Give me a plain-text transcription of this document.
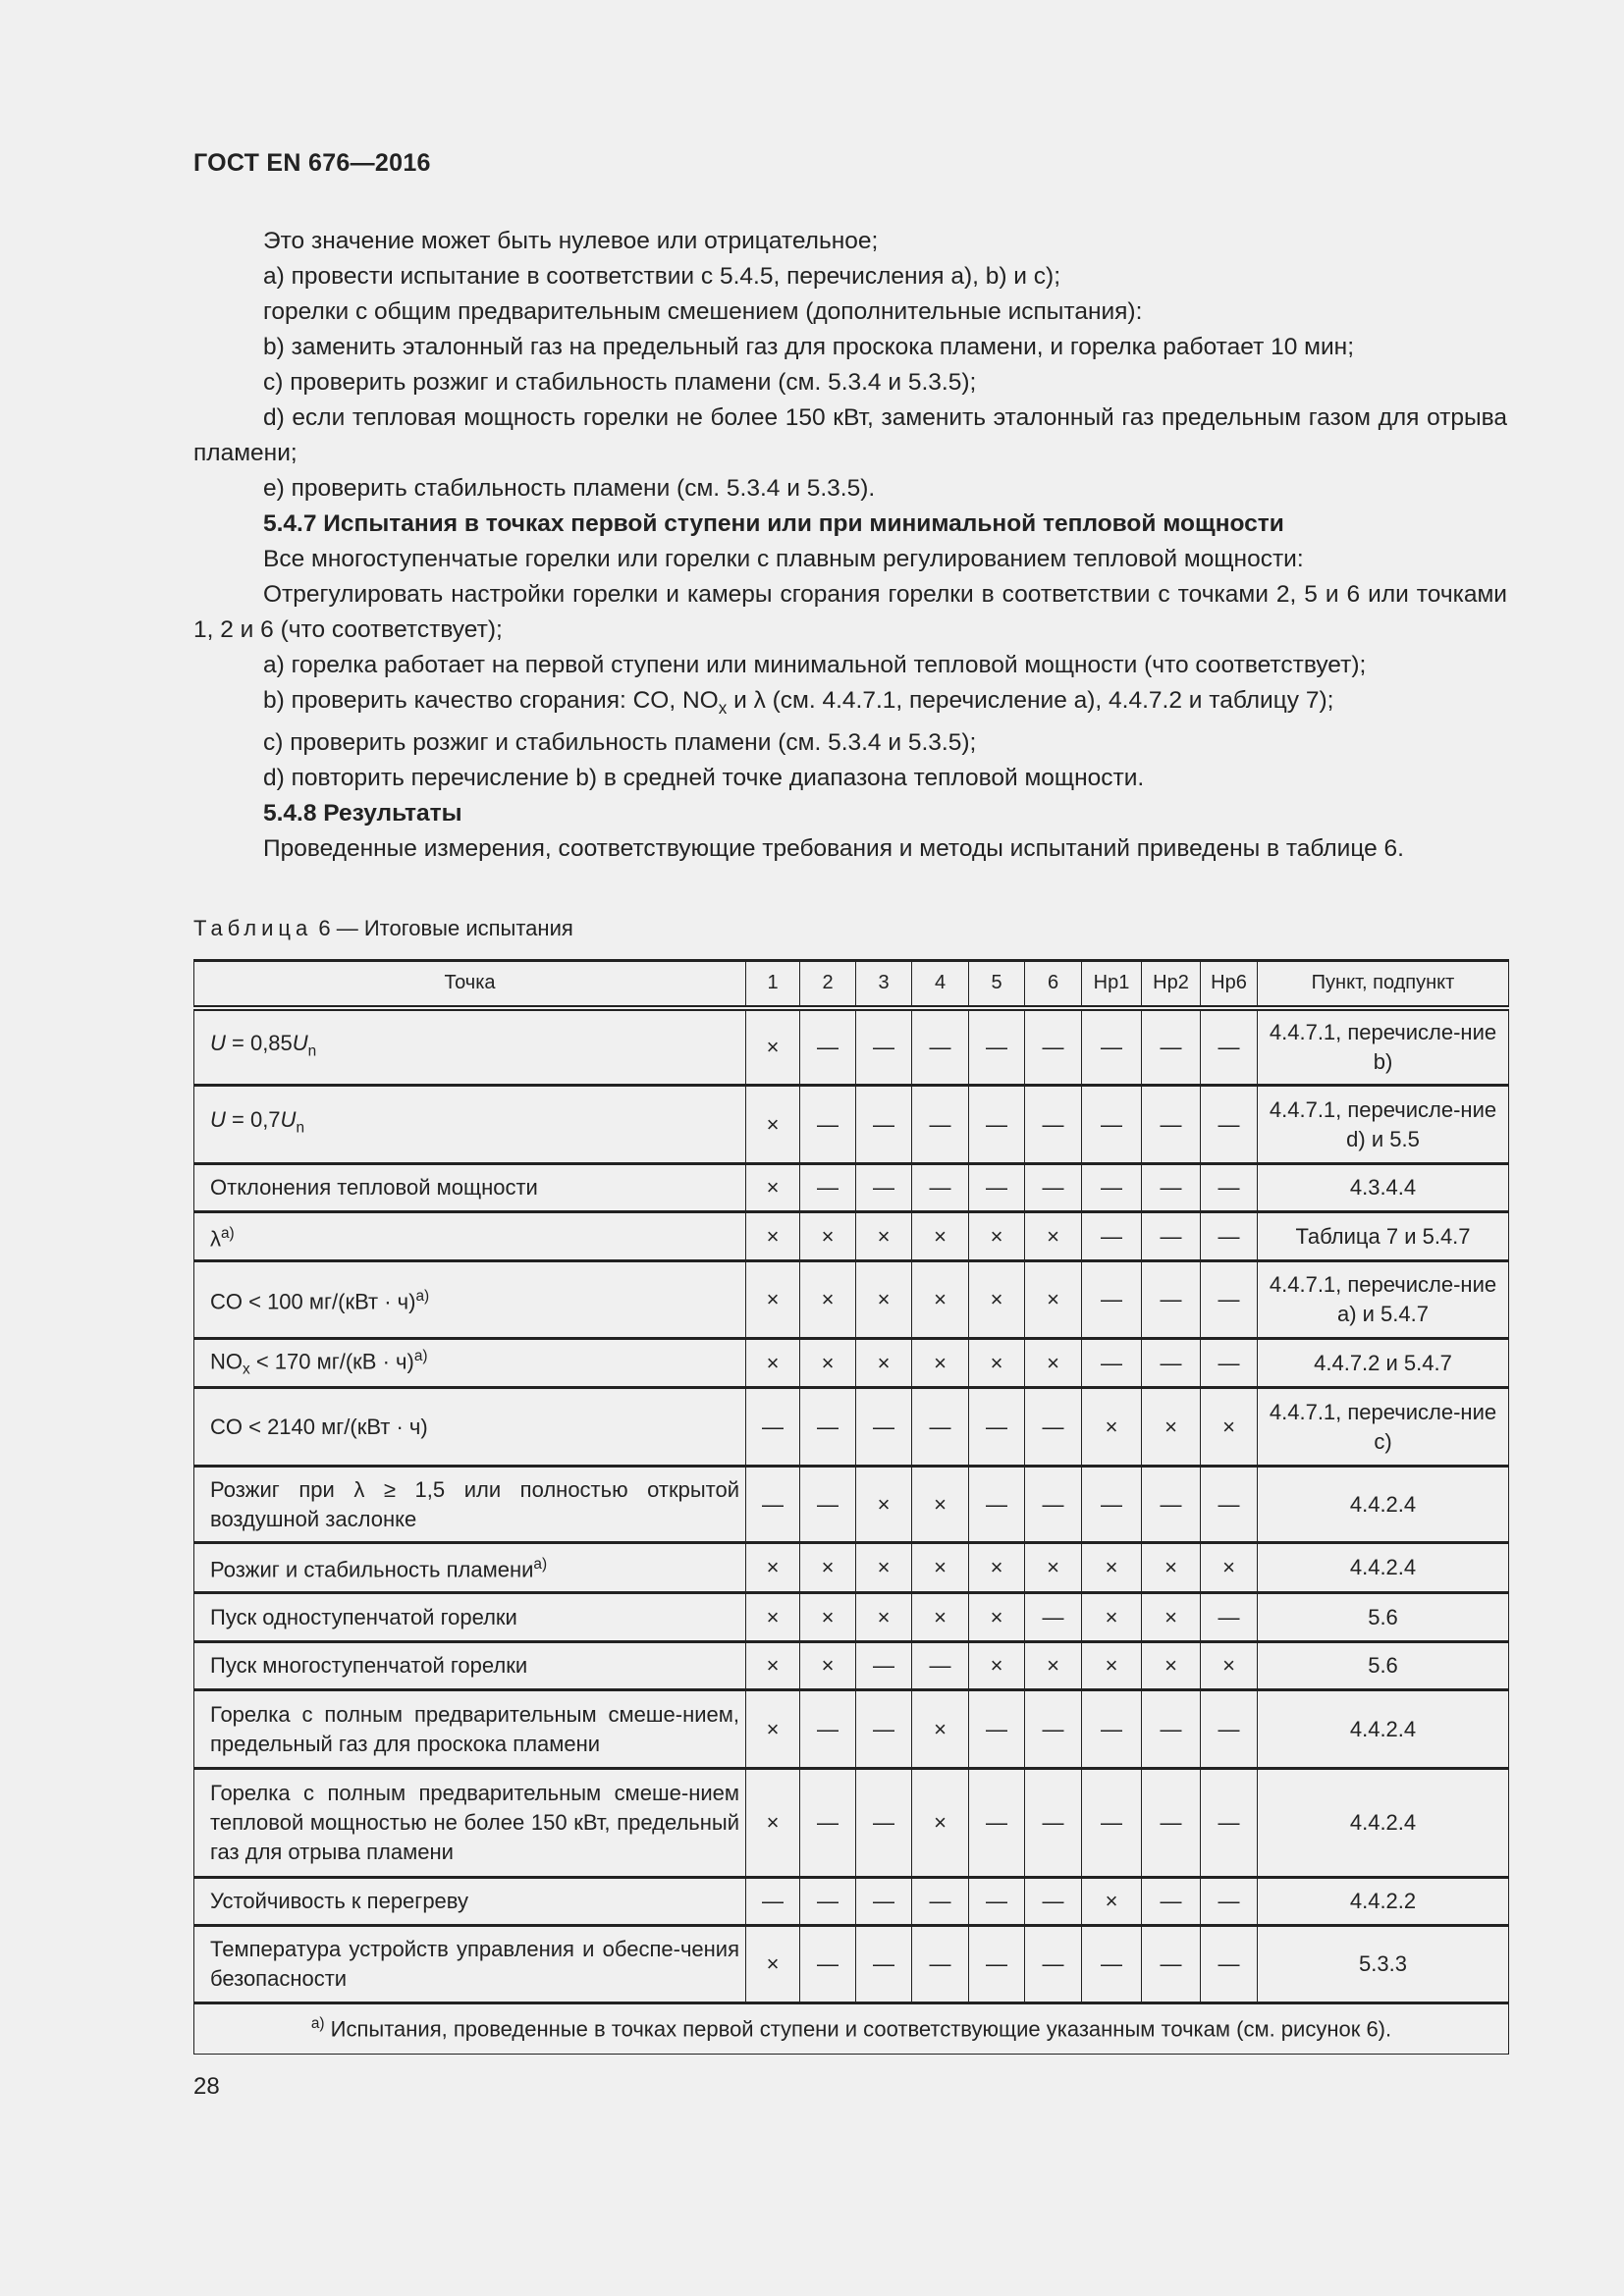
ГОСТ EN 676—2016

Это значение может быть нулевое или отрицательное;

a) провести испытание в соответствии с 5.4.5, перечисления a), b) и c);

горелки с общим предварительным смешением (дополнительные испытания):

b) заменить эталонный газ на предельный газ для проскока пламени, и горелка работает 10 мин;

c) проверить розжиг и стабильность пламени (см. 5.3.4 и 5.3.5);

d) если тепловая мощность горелки не более 150 кВт, заменить эталонный газ предельным газом для отрыва пламени;

e) проверить стабильность пламени (см. 5.3.4 и 5.3.5).

5.4.7 Испытания в точках первой ступени или при минимальной тепловой мощности

Все многоступенчатые горелки или горелки с плавным регулированием тепловой мощности:

Отрегулировать настройки горелки и камеры сгорания горелки в соответствии с точками 2, 5 и 6 или точками 1, 2 и 6 (что соответствует);

a) горелка работает на первой ступени или минимальной тепловой мощности (что соответствует);

b) проверить качество сгорания: CO, $NO_x$ и λ (см. 4.4.7.1, перечисление a), 4.4.7.2 и таблицу 7);

c) проверить розжиг и стабильность пламени (см. 5.3.4 и 5.3.5);

d) повторить перечисление b) в средней точке диапазона тепловой мощности.

5.4.8 Результаты

Проведенные измерения, соответствующие требования и методы испытаний приведены в таблице 6.

Таблица 6 — Итоговые испытания
Точка	1	2	3	4	5	6	Hp1	Hp2	Hp6	Пункт, подпункт
$U = 0,85U_n$	×	—	—	—	—	—	—	—	—	4.4.7.1, перечисле-ние b)
$U = 0,7U_n$	×	—	—	—	—	—	—	—	—	4.4.7.1, перечисле-ние d) и 5.5
Отклонения тепловой мощности	×	—	—	—	—	—	—	—	—	4.3.4.4
$\lambda^{a)}$	×	×	×	×	×	×	—	—	—	Таблица 7 и 5.4.7
CO < 100 мг/(кВт · ч)$^{a)}$	×	×	×	×	×	×	—	—	—	4.4.7.1, перечисле-ние a) и 5.4.7
$NO_x < 170$ мг/(кВ · ч)$^{a)}$	×	×	×	×	×	×	—	—	—	4.4.7.2 и 5.4.7
CO < 2140 мг/(кВт · ч)	—	—	—	—	—	—	×	×	×	4.4.7.1, перечисле-ние c)
Розжиг при λ ≥ 1,5 или полностью открытой воздушной заслонке	—	—	×	×	—	—	—	—	—	4.4.2.4
Розжиг и стабильность пламени$^{a)}$	×	×	×	×	×	×	×	×	×	4.4.2.4
Пуск одноступенчатой горелки	×	×	×	×	×	—	×	×	—	5.6
Пуск многоступенчатой горелки	×	×	—	—	×	×	×	×	×	5.6
Горелка с полным предварительным смеше-нием, предельный газ для проскока пламени	×	—	—	×	—	—	—	—	—	4.4.2.4
Горелка с полным предварительным смеше-нием тепловой мощностью не более 150 кВт, предельный газ для отрыва пламени	×	—	—	×	—	—	—	—	—	4.4.2.4
Устойчивость к перегреву	—	—	—	—	—	—	×	—	—	4.4.2.2
Температура устройств управления и обеспе-чения безопасности	×	—	—	—	—	—	—	—	—	5.3.3
$^{a)}$ Испытания, проведенные в точках первой ступени и соответствующие указанным точкам (см. рисунок 6).										
28
